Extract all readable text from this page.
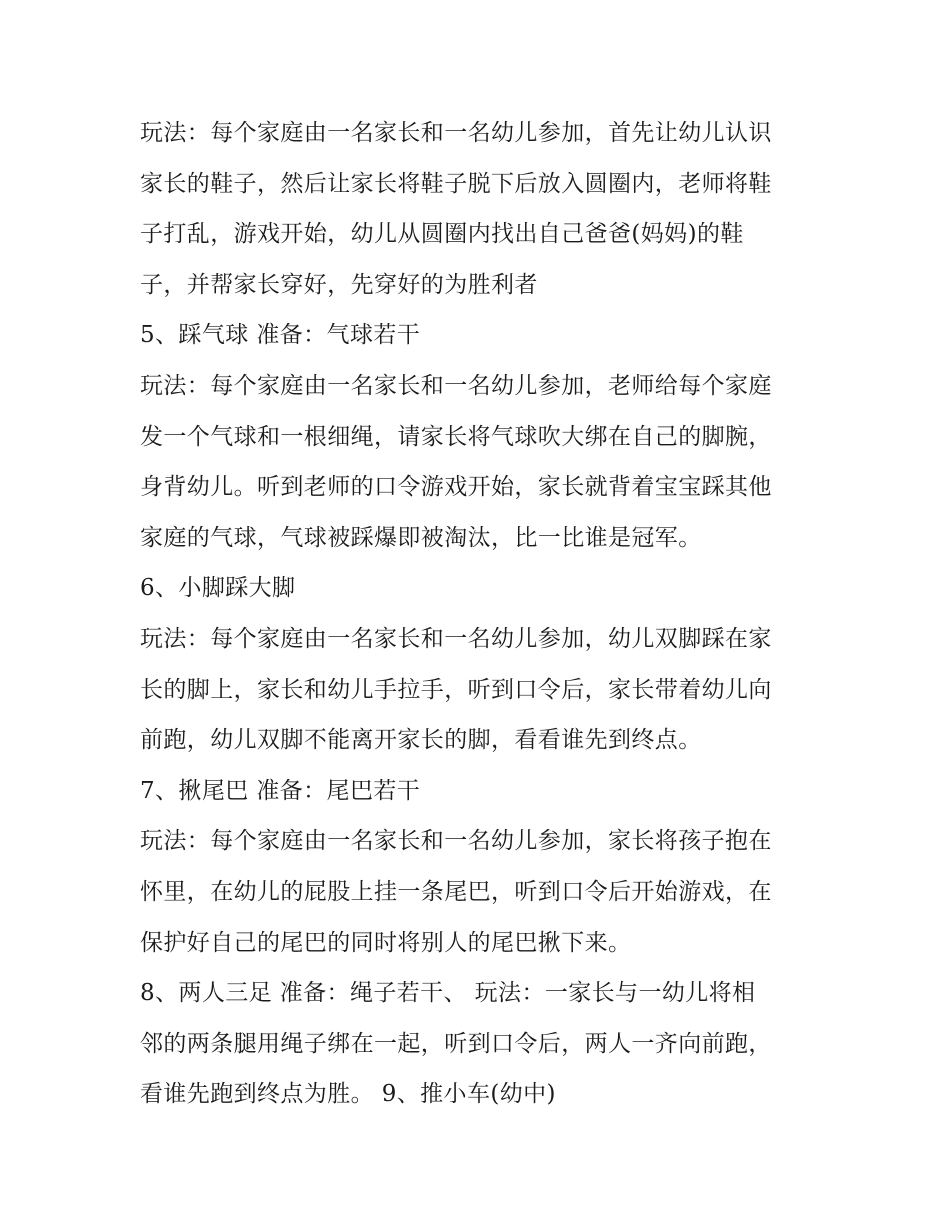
玩法：每个家庭由一名家长和一名幼儿参加，首先让幼儿认识
家长的鞋子，然后让家长将鞋子脱下后放入圆圈内，老师将鞋
子打乱，游戏开始，幼儿从圆圈内找出自己爸爸(妈妈)的鞋
子，并帮家长穿好，先穿好的为胜利者
5、踩气球 准备：气球若干
玩法：每个家庭由一名家长和一名幼儿参加，老师给每个家庭
发一个气球和一根细绳，请家长将气球吹大绑在自己的脚腕，
身背幼儿。听到老师的口令游戏开始，家长就背着宝宝踩其他
家庭的气球，气球被踩爆即被淘汰，比一比谁是冠军。
6、小脚踩大脚
玩法：每个家庭由一名家长和一名幼儿参加，幼儿双脚踩在家
长的脚上，家长和幼儿手拉手，听到口令后，家长带着幼儿向
前跑，幼儿双脚不能离开家长的脚，看看谁先到终点。
7、揪尾巴 准备：尾巴若干
玩法：每个家庭由一名家长和一名幼儿参加，家长将孩子抱在
怀里，在幼儿的屁股上挂一条尾巴，听到口令后开始游戏，在
保护好自己的尾巴的同时将别人的尾巴揪下来。
8、两人三足 准备：绳子若干、 玩法：一家长与一幼儿将相
邻的两条腿用绳子绑在一起，听到口令后，两人一齐向前跑，
看谁先跑到终点为胜。 9、推小车(幼中)
